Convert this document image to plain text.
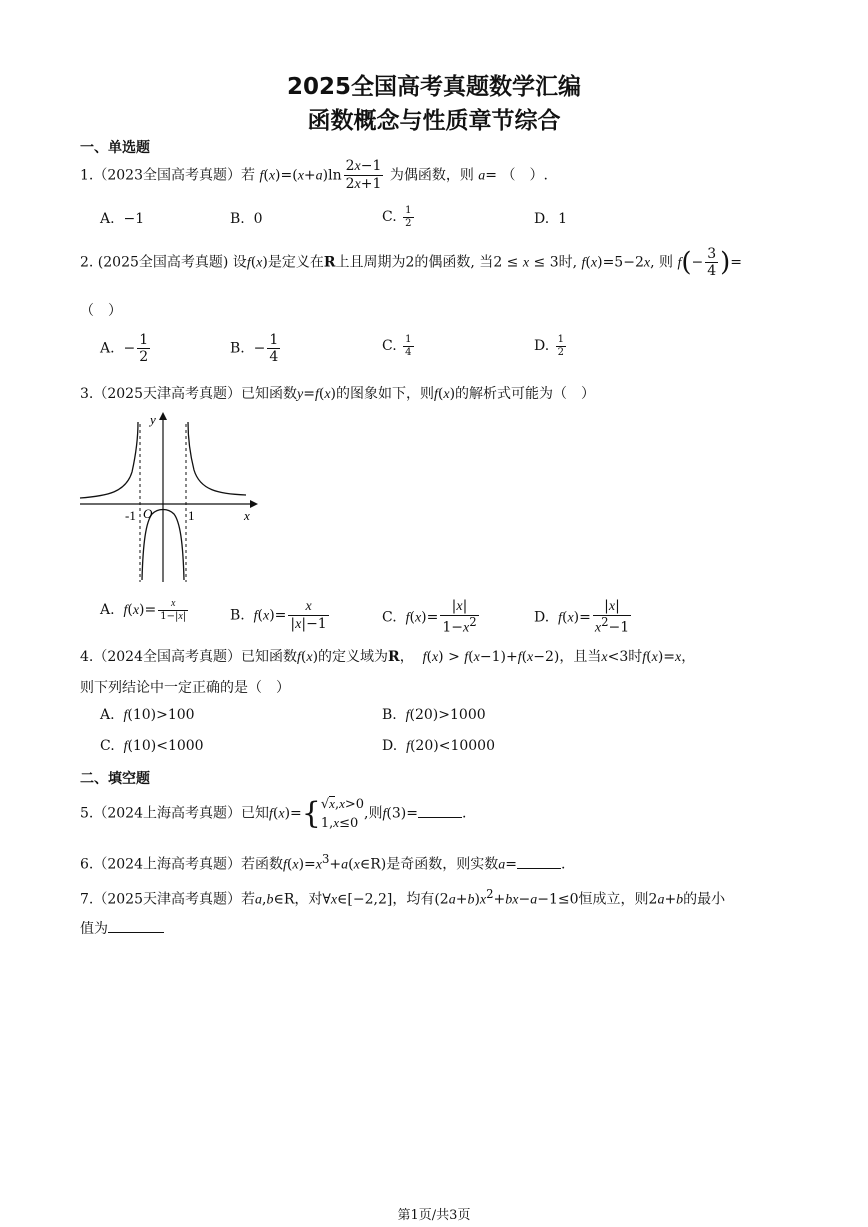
2025全国高考真题数学汇编
函数概念与性质章节综合
一、单选题
1.（2023全国高考真题）若 $f(x)=(x+a)\ln \frac{2x-1}{2x+1}$ 为偶函数，则 a= （　）.
A.  −1	B.  0	C. $\frac{1}{2}$	D.  1
2. (2025全国高考真题) 设f(x)是定义在R上且周期为2的偶函数, 当2 ≤ x ≤ 3时, f(x)=5−2x, 则 $f(- \frac{3}{4}$ )=
（　）
A.  − $\frac{1}{2}$	B.  − $\frac{1}{4}$	C. $\frac{1}{4}$	D. $\frac{1}{2}$
3.（2025天津高考真题）已知函数y=f(x)的图象如下，则f(x)的解析式可能为（　）
y
x
O
-1	1
A.  $f(x)= \frac{x}{1-|x|}$	B.  $f(x)= \frac{x}{|x|-1}$	C.  $f(x)= \frac{|x|}{1-x^2}$	D.  $f(x)= \frac{|x|}{x^2-1}$
4.（2024全国高考真题）已知函数f(x)的定义域为R，  f(x) > f(x−1)+f(x−2)，且当x<3时f(x)=x，
则下列结论中一定正确的是（　）
A.  f(10)>100	B.  f(20)>1000
C.  f(10)<1000	D.  f(20)<10000
二、填空题
5.（2024上海高考真题）已知f(x)={ √x,x>0
1,x≤0
,则f(3)=	.
6.（2024上海高考真题）若函数$f(x)=x^3+a(x\in R)$是奇函数，则实数a=	.
7.（2025天津高考真题）若a,b∈R，对∀x∈[−2,2]，均有$(2a+b)x^2+bx-a-1\le 0$恒成立，则2a+b的最小
值为
第1页/共3页
